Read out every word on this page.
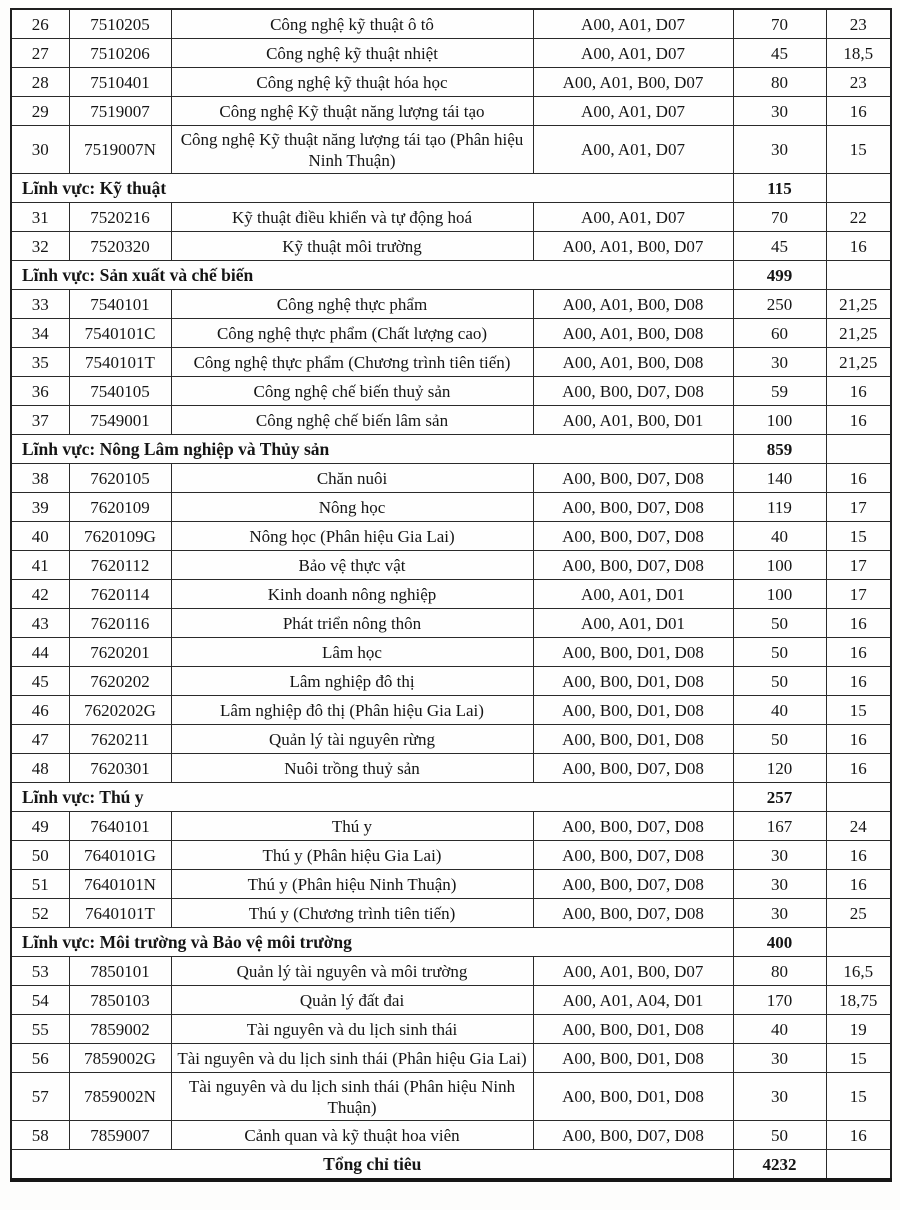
26	7510205	Công nghệ kỹ thuật ô tô	A00, A01, D07	70	23
27	7510206	Công nghệ kỹ thuật nhiệt	A00, A01, D07	45	18,5
28	7510401	Công nghệ kỹ thuật hóa học	A00, A01, B00, D07	80	23
29	7519007	Công nghệ Kỹ thuật năng lượng tái tạo	A00, A01, D07	30	16
30	7519007N	Công nghệ Kỹ thuật năng lượng tái tạo (Phân hiệu Ninh Thuận)	A00, A01, D07	30	15
Lĩnh vực: Kỹ thuật				115	
31	7520216	Kỹ thuật điều khiển và tự động hoá	A00, A01, D07	70	22
32	7520320	Kỹ thuật môi trường	A00, A01, B00, D07	45	16
Lĩnh vực: Sản xuất và chế biến				499	
33	7540101	Công nghệ thực phẩm	A00, A01, B00, D08	250	21,25
34	7540101C	Công nghệ thực phẩm (Chất lượng cao)	A00, A01, B00, D08	60	21,25
35	7540101T	Công nghệ thực phẩm (Chương trình tiên tiến)	A00, A01, B00, D08	30	21,25
36	7540105	Công nghệ chế biến thuỷ sản	A00, B00, D07, D08	59	16
37	7549001	Công nghệ chế biến lâm sản	A00, A01, B00, D01	100	16
Lĩnh vực: Nông Lâm nghiệp và Thủy sản				859	
38	7620105	Chăn nuôi	A00, B00, D07, D08	140	16
39	7620109	Nông học	A00, B00, D07, D08	119	17
40	7620109G	Nông học (Phân hiệu Gia Lai)	A00, B00, D07, D08	40	15
41	7620112	Bảo vệ thực vật	A00, B00, D07, D08	100	17
42	7620114	Kinh doanh nông nghiệp	A00, A01, D01	100	17
43	7620116	Phát triển nông thôn	A00, A01, D01	50	16
44	7620201	Lâm học	A00, B00, D01, D08	50	16
45	7620202	Lâm nghiệp đô thị	A00, B00, D01, D08	50	16
46	7620202G	Lâm nghiệp đô thị (Phân hiệu Gia Lai)	A00, B00, D01, D08	40	15
47	7620211	Quản lý tài nguyên rừng	A00, B00, D01, D08	50	16
48	7620301	Nuôi trồng thuỷ sản	A00, B00, D07, D08	120	16
Lĩnh vực: Thú y				257	
49	7640101	Thú y	A00, B00, D07, D08	167	24
50	7640101G	Thú y (Phân hiệu Gia Lai)	A00, B00, D07, D08	30	16
51	7640101N	Thú y (Phân hiệu Ninh Thuận)	A00, B00, D07, D08	30	16
52	7640101T	Thú y (Chương trình tiên tiến)	A00, B00, D07, D08	30	25
Lĩnh vực: Môi trường và Bảo vệ môi trường				400	
53	7850101	Quản lý tài nguyên và môi trường	A00, A01, B00, D07	80	16,5
54	7850103	Quản lý đất đai	A00, A01, A04, D01	170	18,75
55	7859002	Tài nguyên và du lịch sinh thái	A00, B00, D01, D08	40	19
56	7859002G	Tài nguyên và du lịch sinh thái (Phân hiệu Gia Lai)	A00, B00, D01, D08	30	15
57	7859002N	Tài nguyên và du lịch sinh thái (Phân hiệu Ninh Thuận)	A00, B00, D01, D08	30	15
58	7859007	Cảnh quan và kỹ thuật hoa viên	A00, B00, D07, D08	50	16
Tổng chỉ tiêu				4232	
